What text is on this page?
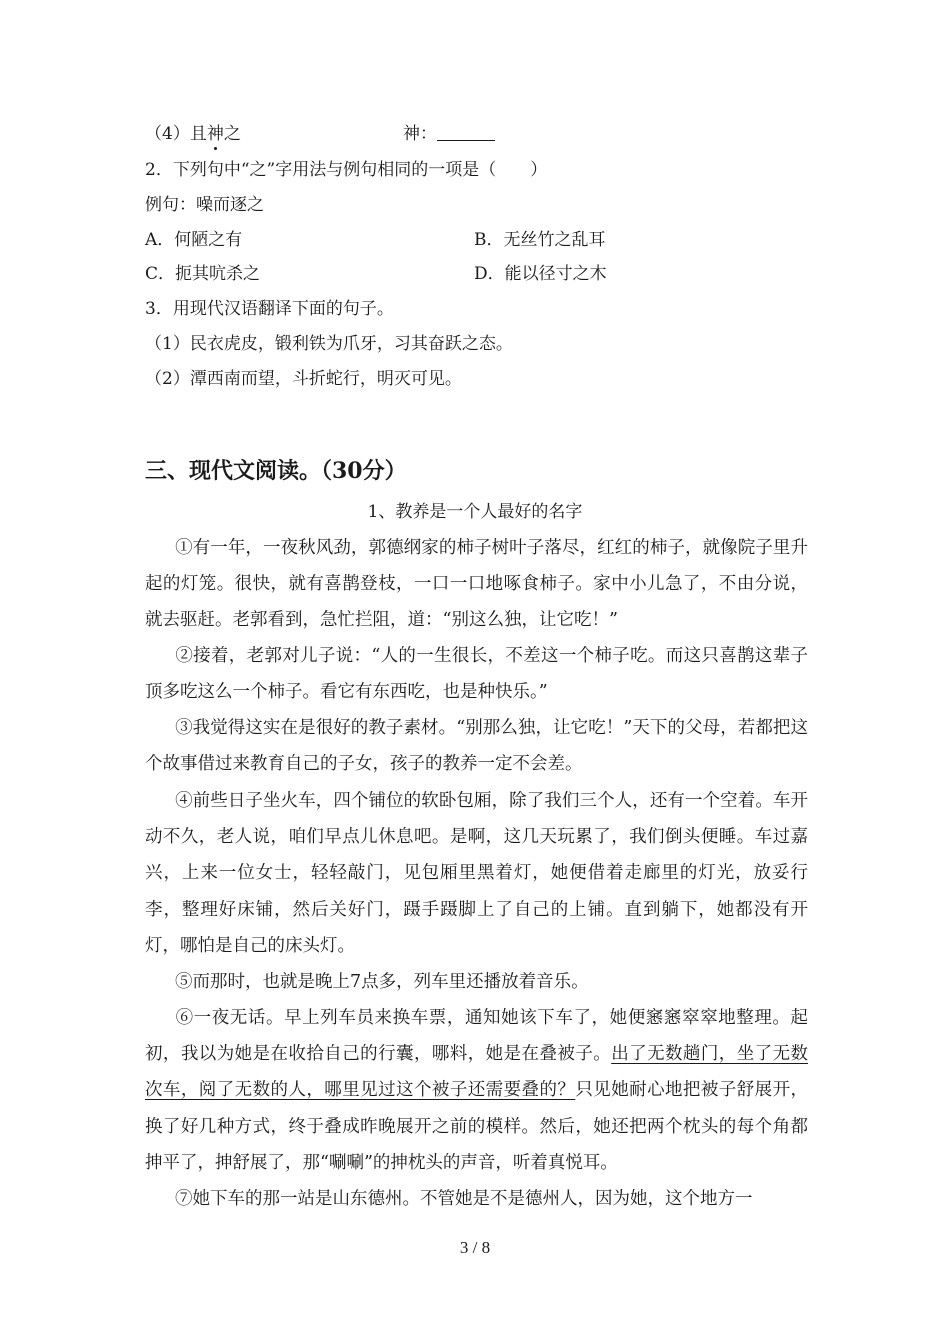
（4）且神之	神：
2．下列句中“之”字用法与例句相同的一项是（　　）
例句：噪而逐之
A．何陋之有	B．无丝竹之乱耳
C．扼其吭杀之	D．能以径寸之木
3．用现代汉语翻译下面的句子。
（1）民衣虎皮，锻利铁为爪牙，习其奋跃之态。
（2）潭西南而望，斗折蛇行，明灭可见。
三、现代文阅读。（30分）
1、教养是一个人最好的名字
①有一年，一夜秋风劲，郭德纲家的柿子树叶子落尽，红红的柿子，就像院子里升起的灯笼。很快，就有喜鹊登枝，一口一口地啄食柿子。家中小儿急了，不由分说，就去驱赶。老郭看到，急忙拦阻，道：“别这么独，让它吃！”
②接着，老郭对儿子说：“人的一生很长，不差这一个柿子吃。而这只喜鹊这辈子顶多吃这么一个柿子。看它有东西吃，也是种快乐。”
③我觉得这实在是很好的教子素材。“别那么独，让它吃！”天下的父母，若都把这个故事借过来教育自己的子女，孩子的教养一定不会差。
④前些日子坐火车，四个铺位的软卧包厢，除了我们三个人，还有一个空着。车开动不久，老人说，咱们早点儿休息吧。是啊，这几天玩累了，我们倒头便睡。车过嘉兴，上来一位女士，轻轻敲门，见包厢里黑着灯，她便借着走廊里的灯光，放妥行李，整理好床铺，然后关好门，蹑手蹑脚上了自己的上铺。直到躺下，她都没有开灯，哪怕是自己的床头灯。
⑤而那时，也就是晚上7点多，列车里还播放着音乐。
⑥一夜无话。早上列车员来换车票，通知她该下车了，她便窸窸窣窣地整理。起初，我以为她是在收拾自己的行囊，哪料，她是在叠被子。出了无数趟门，坐了无数次车，阅了无数的人，哪里见过这个被子还需要叠的？只见她耐心地把被子舒展开，换了好几种方式，终于叠成昨晚展开之前的模样。然后，她还把两个枕头的每个角都抻平了，抻舒展了，那“唰唰”的抻枕头的声音，听着真悦耳。
⑦她下车的那一站是山东德州。不管她是不是德州人，因为她，这个地方一
3 / 8
